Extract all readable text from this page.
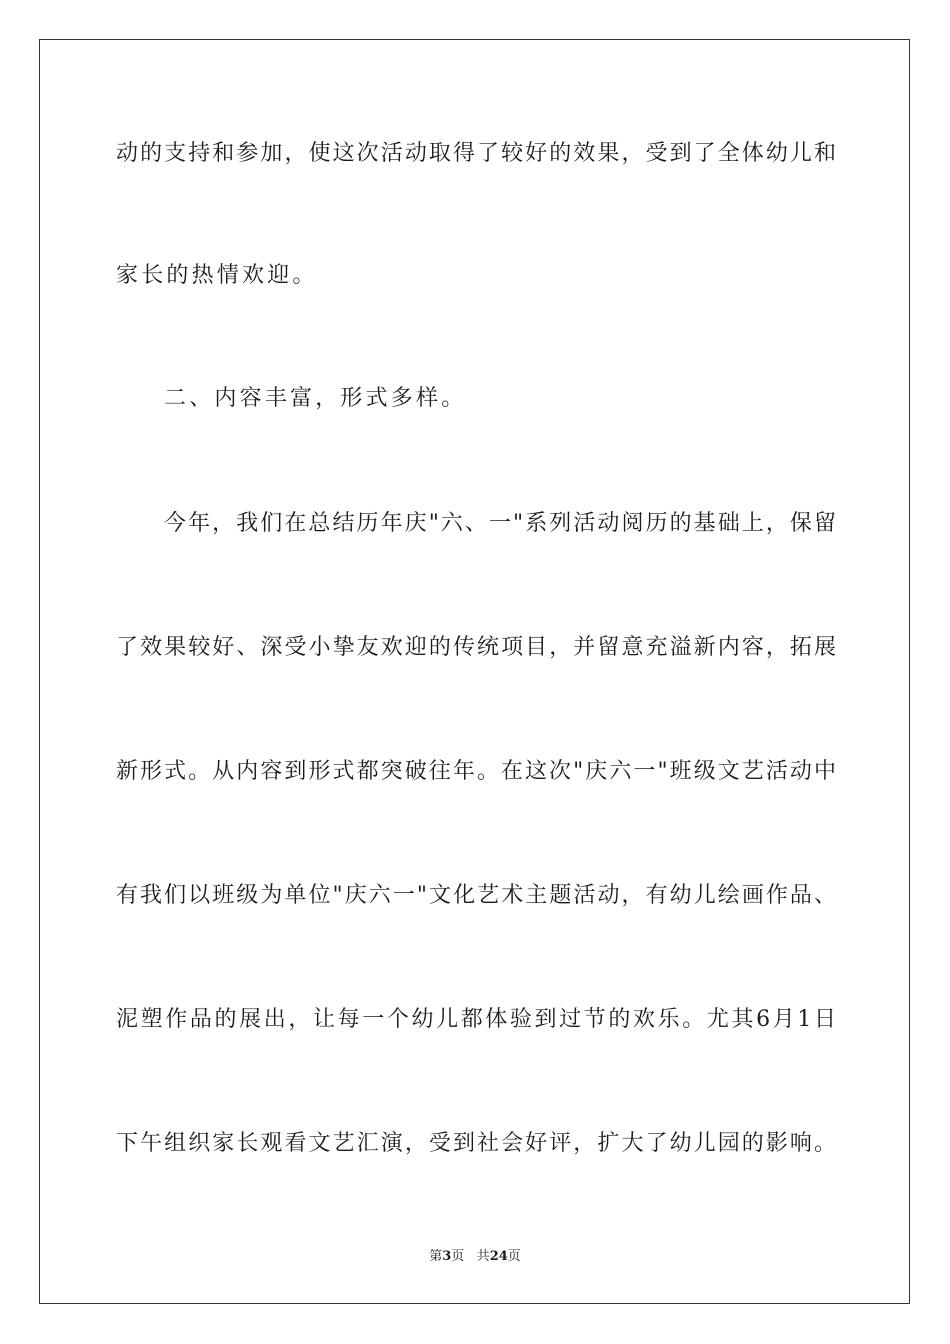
动的支持和参加，使这次活动取得了较好的效果，受到了全体幼儿和
家长的热情欢迎。
二、内容丰富，形式多样。
今年，我们在总结历年庆"六、一"系列活动阅历的基础上，保留
了效果较好、深受小挚友欢迎的传统项目，并留意充溢新内容，拓展
新形式。从内容到形式都突破往年。在这次"庆六一"班级文艺活动中
有我们以班级为单位"庆六一"文化艺术主题活动，有幼儿绘画作品、
泥塑作品的展出，让每一个幼儿都体验到过节的欢乐。尤其6月1日
下午组织家长观看文艺汇演，受到社会好评，扩大了幼儿园的影响。
第3页 共24页
